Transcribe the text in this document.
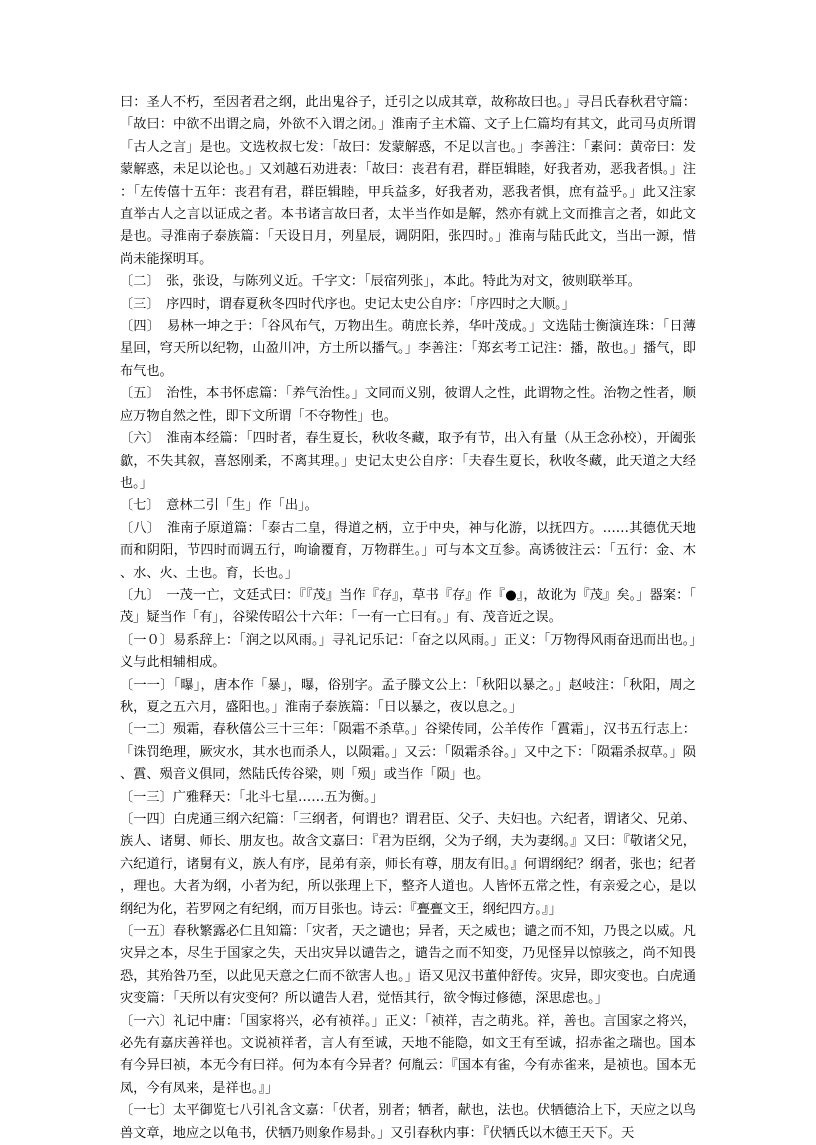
曰：圣人不朽，至因者君之纲，此出鬼谷子，迁引之以成其章，故称故曰也。」寻吕氏春秋君守篇：「故曰：中欲不出谓之扃，外欲不入谓之闭。」淮南子主术篇、文子上仁篇均有其文，此司马贞所谓「古人之言」是也。文选枚叔七发：「故曰：发蒙解惑，不足以言也。」李善注：「素问：黄帝曰：发蒙解惑，未足以论也。」又刘越石劝进表：「故曰：丧君有君，群臣辑睦，好我者劝，恶我者惧。」注：「左传僖十五年：丧君有君，群臣辑睦，甲兵益多，好我者劝，恶我者惧，庶有益乎。」此又注家直举古人之言以证成之者。本书诸言故曰者，太半当作如是解，然亦有就上文而推言之者，如此文是也。寻淮南子泰族篇：「天设日月，列星辰，调阴阳，张四时。」淮南与陆氏此文，当出一源，惜尚未能探明耳。

〔二〕　张，张设，与陈列义近。千字文：「辰宿列张」，本此。特此为对文，彼则联举耳。

〔三〕　序四时，谓春夏秋冬四时代序也。史记太史公自序：「序四时之大顺。」

〔四〕　易林一坤之于：「谷风布气，万物出生。萌庶长养，华叶茂成。」文选陆士衡演连珠：「日薄星回，穹天所以纪物，山盈川冲，方土所以播气。」李善注：「郑玄考工记注：播，散也。」播气，即布气也。

〔五〕　治性，本书怀虑篇：「养气治性。」文同而义别，彼谓人之性，此谓物之性。治物之性者，顺应万物自然之性，即下文所谓「不夺物性」也。

〔六〕　淮南本经篇：「四时者，春生夏长，秋收冬藏，取予有节，出入有量（从王念孙校），开阖张歙，不失其叙，喜怒刚柔，不离其理。」史记太史公自序：「夫春生夏长，秋收冬藏，此天道之大经也。」

〔七〕　意林二引「生」作「出」。

〔八〕　淮南子原道篇：「泰古二皇，得道之柄，立于中央，神与化游，以抚四方。……其德优天地而和阴阳，节四时而调五行，呴谕覆育，万物群生。」可与本文互参。高诱彼注云：「五行：金、木、水、火、土也。育，长也。」

〔九〕　一茂一亡，文廷式曰：『『茂』当作『存』，草书『存』作『●』，故讹为『茂』矣。」器案：「茂」疑当作「有」，谷梁传昭公十六年：「一有一亡曰有。」有、茂音近之误。

〔一０〕易系辞上：「润之以风雨。」寻礼记乐记：「奋之以风雨。」正义：「万物得风雨奋迅而出也。」义与此相辅相成。

〔一一〕「曝」，唐本作「暴」，曝，俗别字。孟子滕文公上：「秋阳以暴之。」赵岐注：「秋阳，周之秋，夏之五六月，盛阳也。」淮南子泰族篇：「日以暴之，夜以息之。」

〔一二〕殒霜，春秋僖公三十三年：「陨霜不杀草。」谷梁传同，公羊传作「霣霜」，汉书五行志上：「诛罚绝理，厥灾水，其水也而杀人，以陨霜。」又云：「陨霜杀谷。」又中之下：「陨霜杀叔草。」陨、霣、殒音义俱同，然陆氏传谷梁，则「殒」或当作「陨」也。

〔一三〕广雅释天：「北斗七星……五为衡。」

〔一四〕白虎通三纲六纪篇：「三纲者，何谓也？谓君臣、父子、夫妇也。六纪者，谓诸父、兄弟、族人、诸舅、师长、朋友也。故含文嘉曰：『君为臣纲，父为子纲，夫为妻纲。』又曰：『敬诸父兄，六纪道行，诸舅有义，族人有序，昆弟有亲，师长有尊，朋友有旧。』何谓纲纪？纲者，张也；纪者，理也。大者为纲，小者为纪，所以张理上下，整齐人道也。人皆怀五常之性，有亲爱之心，是以纲纪为化，若罗网之有纪纲，而万目张也。诗云：『亹亹文王，纲纪四方。』」

〔一五〕春秋繁露必仁且知篇：「灾者，天之谴也；异者，天之威也；谴之而不知，乃畏之以威。凡灾异之本，尽生于国家之失，天出灾异以谴告之，谴告之而不知变，乃见怪异以惊骇之，尚不知畏恐，其殆咎乃至，以此见天意之仁而不欲害人也。」语又见汉书董仲舒传。灾异，即灾变也。白虎通灾变篇：「天所以有灾变何？所以谴告人君，觉悟其行，欲令悔过修德，深思虑也。」

〔一六〕礼记中庸：「国家将兴，必有祯祥。」正义：「祯祥，吉之萌兆。祥，善也。言国家之将兴，必先有嘉庆善祥也。文说祯祥者，言人有至诚，天地不能隐，如文王有至诚，招赤雀之瑞也。国本有今异曰祯，本无今有曰祥。何为本有今异者？何胤云：『国本有雀，今有赤雀来，是祯也。国本无凤，今有凤来，是祥也。』」

〔一七〕太平御览七八引礼含文嘉：「伏者，别者；牺者，献也，法也。伏牺德洽上下，天应之以鸟兽文章，地应之以龟书，伏牺乃则象作易卦。」又引春秋内事：『伏牺氏以木德王天下。天
